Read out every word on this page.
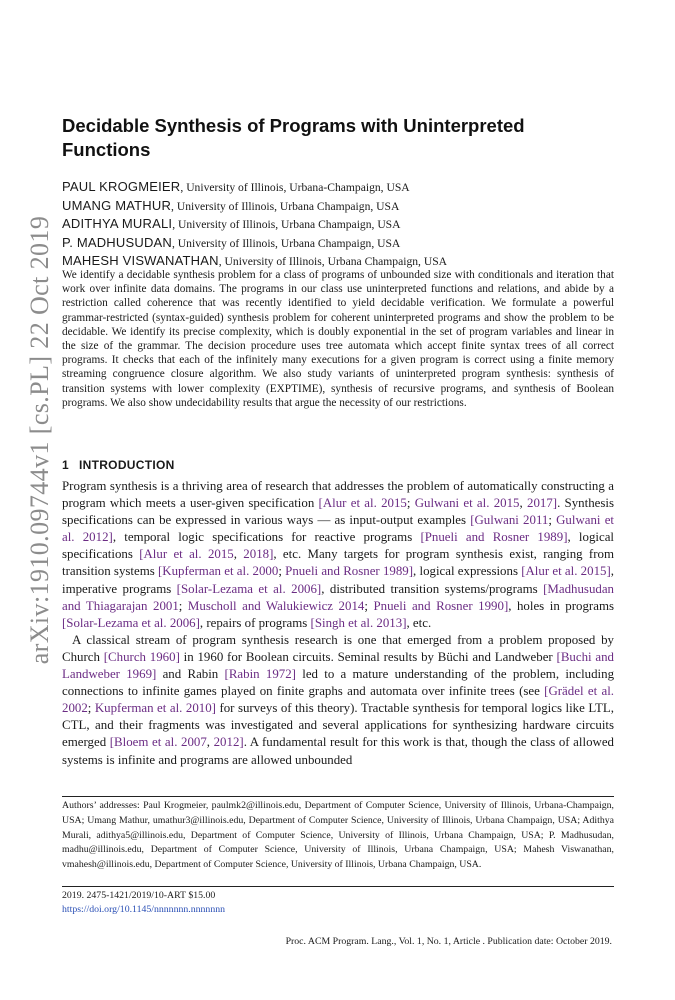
arXiv:1910.09744v1 [cs.PL] 22 Oct 2019
Decidable Synthesis of Programs with Uninterpreted Functions
PAUL KROGMEIER, University of Illinois, Urbana-Champaign, USA
UMANG MATHUR, University of Illinois, Urbana Champaign, USA
ADITHYA MURALI, University of Illinois, Urbana Champaign, USA
P. MADHUSUDAN, University of Illinois, Urbana Champaign, USA
MAHESH VISWANATHAN, University of Illinois, Urbana Champaign, USA
We identify a decidable synthesis problem for a class of programs of unbounded size with conditionals and iteration that work over infinite data domains. The programs in our class use uninterpreted functions and relations, and abide by a restriction called coherence that was recently identified to yield decidable verification. We formulate a powerful grammar-restricted (syntax-guided) synthesis problem for coherent uninterpreted programs and show the problem to be decidable. We identify its precise complexity, which is doubly exponential in the set of program variables and linear in the size of the grammar. The decision procedure uses tree automata which accept finite syntax trees of all correct programs. It checks that each of the infinitely many executions for a given program is correct using a finite memory streaming congruence closure algorithm. We also study variants of uninterpreted program synthesis: synthesis of transition systems with lower complexity (EXPTIME), synthesis of recursive programs, and synthesis of Boolean programs. We also show undecidability results that argue the necessity of our restrictions.
1 INTRODUCTION

Program synthesis is a thriving area of research that addresses the problem of automatically constructing a program which meets a user-given specification [Alur et al. 2015; Gulwani et al. 2015, 2017]. Synthesis specifications can be expressed in various ways — as input-output examples [Gulwani 2011; Gulwani et al. 2012], temporal logic specifications for reactive programs [Pnueli and Rosner 1989], logical specifications [Alur et al. 2015, 2018], etc. Many targets for program synthesis exist, ranging from transition systems [Kupferman et al. 2000; Pnueli and Rosner 1989], logical expressions [Alur et al. 2015], imperative programs [Solar-Lezama et al. 2006], distributed transition systems/programs [Madhusudan and Thiagarajan 2001; Muscholl and Walukiewicz 2014; Pnueli and Rosner 1990], holes in programs [Solar-Lezama et al. 2006], repairs of programs [Singh et al. 2013], etc.

A classical stream of program synthesis research is one that emerged from a problem proposed by Church [Church 1960] in 1960 for Boolean circuits. Seminal results by Büchi and Landweber [Buchi and Landweber 1969] and Rabin [Rabin 1972] led to a mature understanding of the problem, including connections to infinite games played on finite graphs and automata over infinite trees (see [Grädel et al. 2002; Kupferman et al. 2010] for surveys of this theory). Tractable synthesis for temporal logics like LTL, CTL, and their fragments was investigated and several applications for synthesizing hardware circuits emerged [Bloem et al. 2007, 2012]. A fundamental result for this work is that, though the class of allowed systems is infinite and programs are allowed unbounded

Authors’ addresses: Paul Krogmeier, paulmk2@illinois.edu, Department of Computer Science, University of Illinois, Urbana-Champaign, USA; Umang Mathur, umathur3@illinois.edu, Department of Computer Science, University of Illinois, Urbana Champaign, USA; Adithya Murali, adithya5@illinois.edu, Department of Computer Science, University of Illinois, Urbana Champaign, USA; P. Madhusudan, madhu@illinois.edu, Department of Computer Science, University of Illinois, Urbana Champaign, USA; Mahesh Viswanathan, vmahesh@illinois.edu, Department of Computer Science, University of Illinois, Urbana Champaign, USA.
2019. 2475-1421/2019/10-ART $15.00
https://doi.org/10.1145/nnnnnnn.nnnnnnn
Proc. ACM Program. Lang., Vol. 1, No. 1, Article . Publication date: October 2019.
